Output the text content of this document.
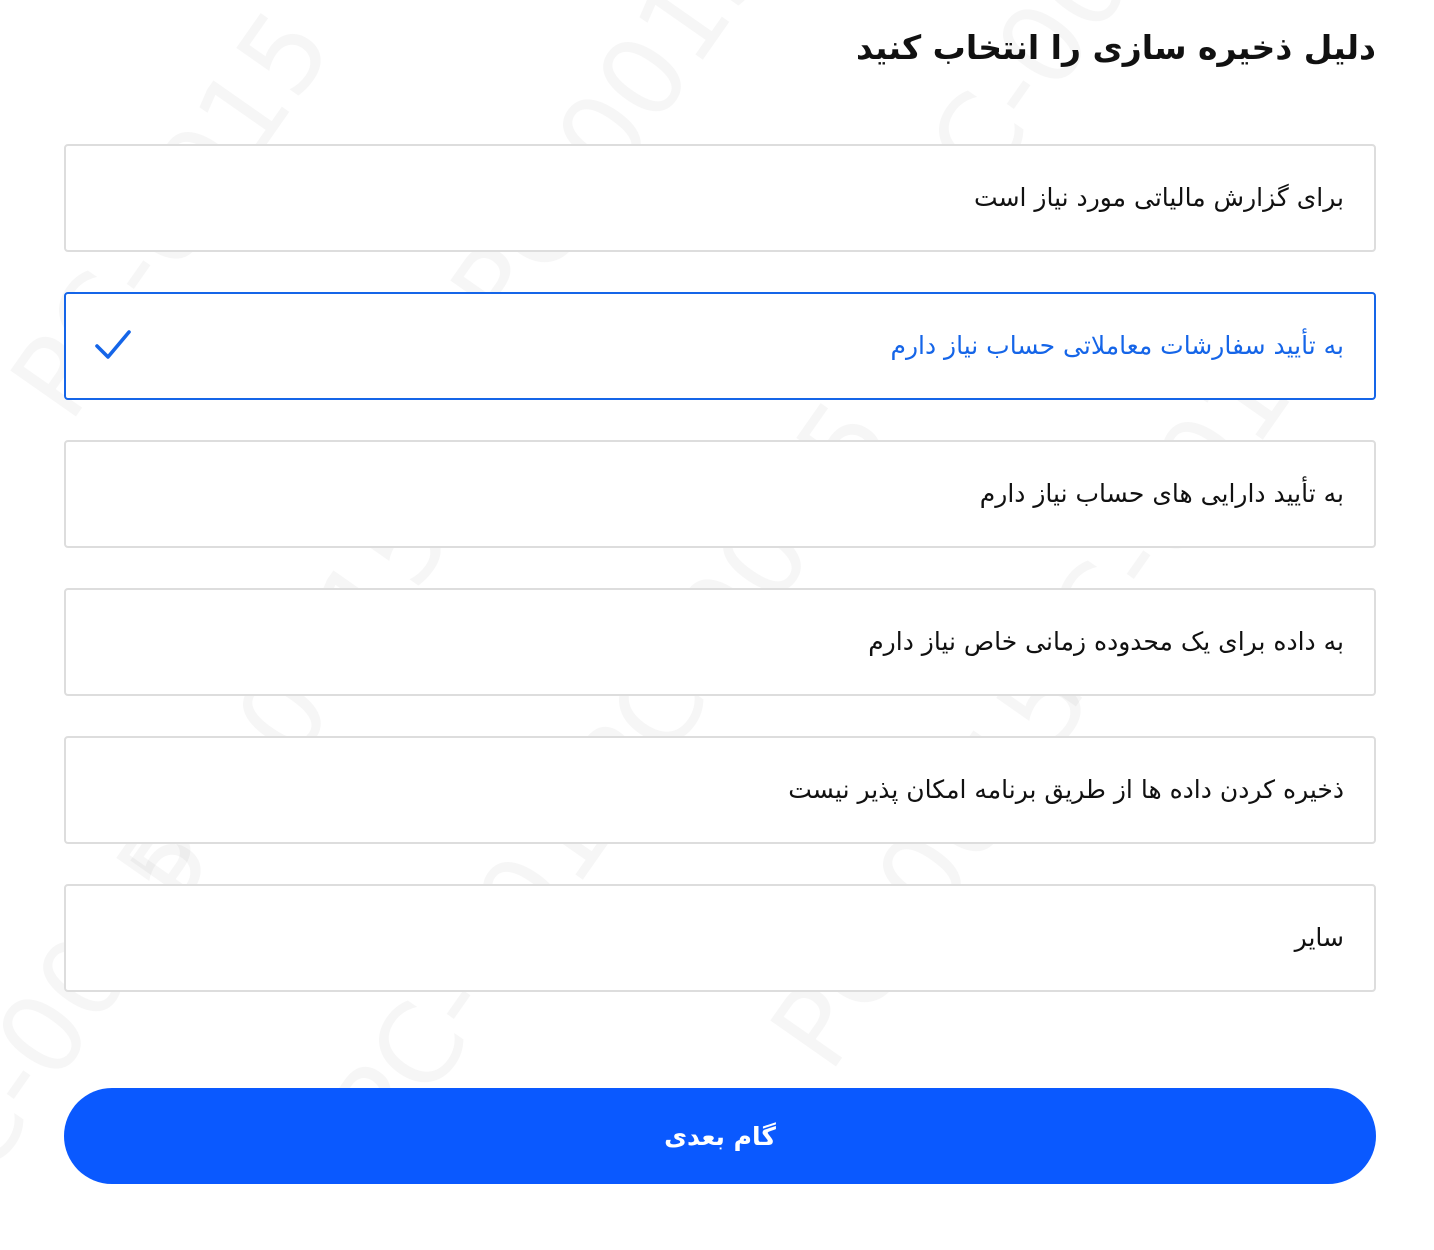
دلیل ذخیره سازی را انتخاب کنید
برای گزارش مالیاتی مورد نیاز است
به تأیید سفارشات معاملاتی حساب نیاز دارم
به تأیید دارایی های حساب نیاز دارم
به داده برای یک محدوده زمانی خاص نیاز دارم
ذخیره کردن داده ها از طریق برنامه امکان پذیر نیست
سایر
گام بعدی
